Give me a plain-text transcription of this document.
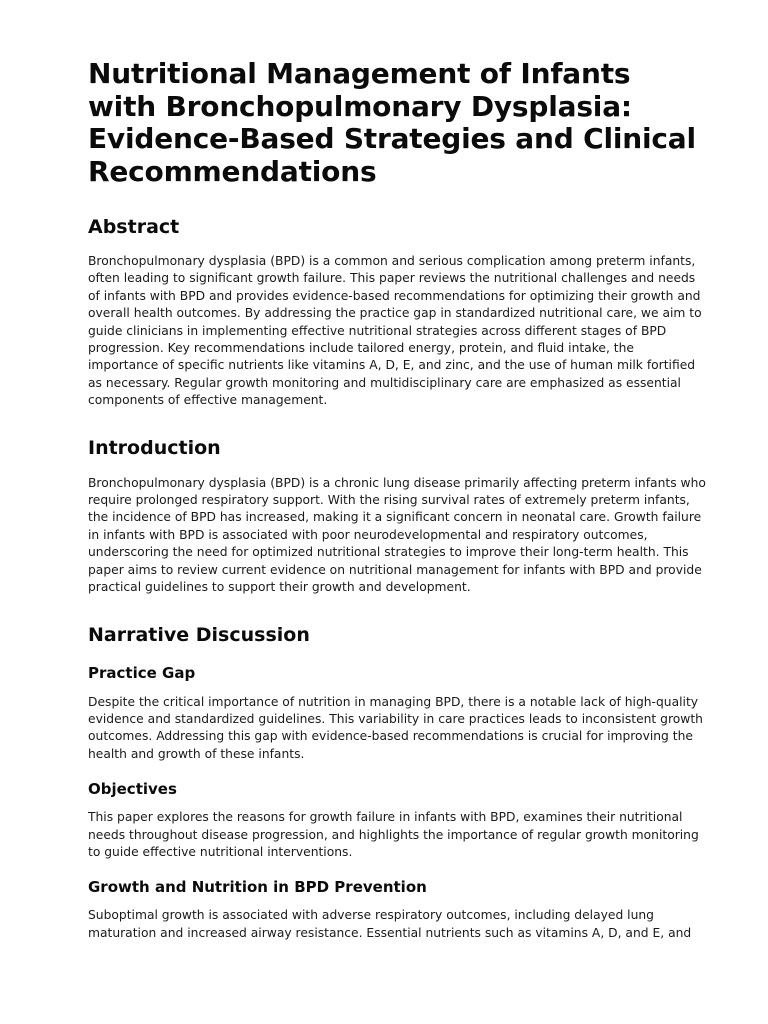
Nutritional Management of Infants with Bronchopulmonary Dysplasia: Evidence-Based Strategies and Clinical Recommendations
Abstract

Bronchopulmonary dysplasia (BPD) is a common and serious complication among preterm infants, often leading to significant growth failure. This paper reviews the nutritional challenges and needs of infants with BPD and provides evidence-based recommendations for optimizing their growth and overall health outcomes. By addressing the practice gap in standardized nutritional care, we aim to guide clinicians in implementing effective nutritional strategies across different stages of BPD progression. Key recommendations include tailored energy, protein, and fluid intake, the importance of specific nutrients like vitamins A, D, E, and zinc, and the use of human milk fortified as necessary. Regular growth monitoring and multidisciplinary care are emphasized as essential components of effective management.

Introduction

Bronchopulmonary dysplasia (BPD) is a chronic lung disease primarily affecting preterm infants who require prolonged respiratory support. With the rising survival rates of extremely preterm infants, the incidence of BPD has increased, making it a significant concern in neonatal care. Growth failure in infants with BPD is associated with poor neurodevelopmental and respiratory outcomes, underscoring the need for optimized nutritional strategies to improve their long-term health. This paper aims to review current evidence on nutritional management for infants with BPD and provide practical guidelines to support their growth and development.

Narrative Discussion
Practice Gap

Despite the critical importance of nutrition in managing BPD, there is a notable lack of high-quality evidence and standardized guidelines. This variability in care practices leads to inconsistent growth outcomes. Addressing this gap with evidence-based recommendations is crucial for improving the health and growth of these infants.

Objectives

This paper explores the reasons for growth failure in infants with BPD, examines their nutritional needs throughout disease progression, and highlights the importance of regular growth monitoring to guide effective nutritional interventions.

Growth and Nutrition in BPD Prevention

Suboptimal growth is associated with adverse respiratory outcomes, including delayed lung maturation and increased airway resistance. Essential nutrients such as vitamins A, D, and E, and
